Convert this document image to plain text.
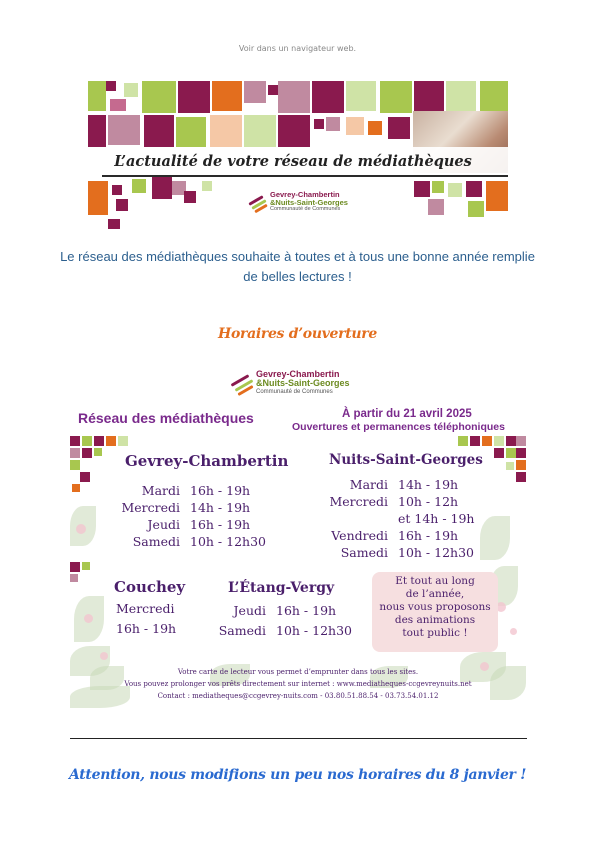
Voir dans un navigateur web.
L’actualité de votre réseau de médiathèques
Gevrey-Chambertin
&Nuits-Saint-Georges
Communauté de Communes
Le réseau des médiathèques souhaite à toutes et à tous une bonne année remplie de belles lectures !
Horaires d’ouverture
Gevrey-Chambertin
&Nuits-Saint-Georges
Communauté de Communes
Réseau des médiathèques	À partir du 21 avril 2025
Ouvertures et permanences téléphoniques
Gevrey-Chambertin
Mardi 16h - 19h
Mercredi 14h - 19h
Jeudi 16h - 19h
Samedi 10h - 12h30
Nuits-Saint-Georges
Mardi 14h - 19h
Mercredi 10h - 12h
et 14h - 19h
Vendredi 16h - 19h
Samedi 10h - 12h30
Couchey
Mercredi
16h - 19h
L’Étang-Vergy
Jeudi 16h - 19h
Samedi 10h - 12h30
Et tout au long
de l’année,
nous vous proposons
des animations
tout public !
Votre carte de lecteur vous permet d’emprunter dans tous les sites.
Vous pouvez prolonger vos prêts directement sur internet : www.mediatheques-ccgevreynuits.net
Contact : mediatheques@ccgevrey-nuits.com - 03.80.51.88.54 - 03.73.54.01.12
Attention, nous modifions un peu nos horaires du 8 janvier !
